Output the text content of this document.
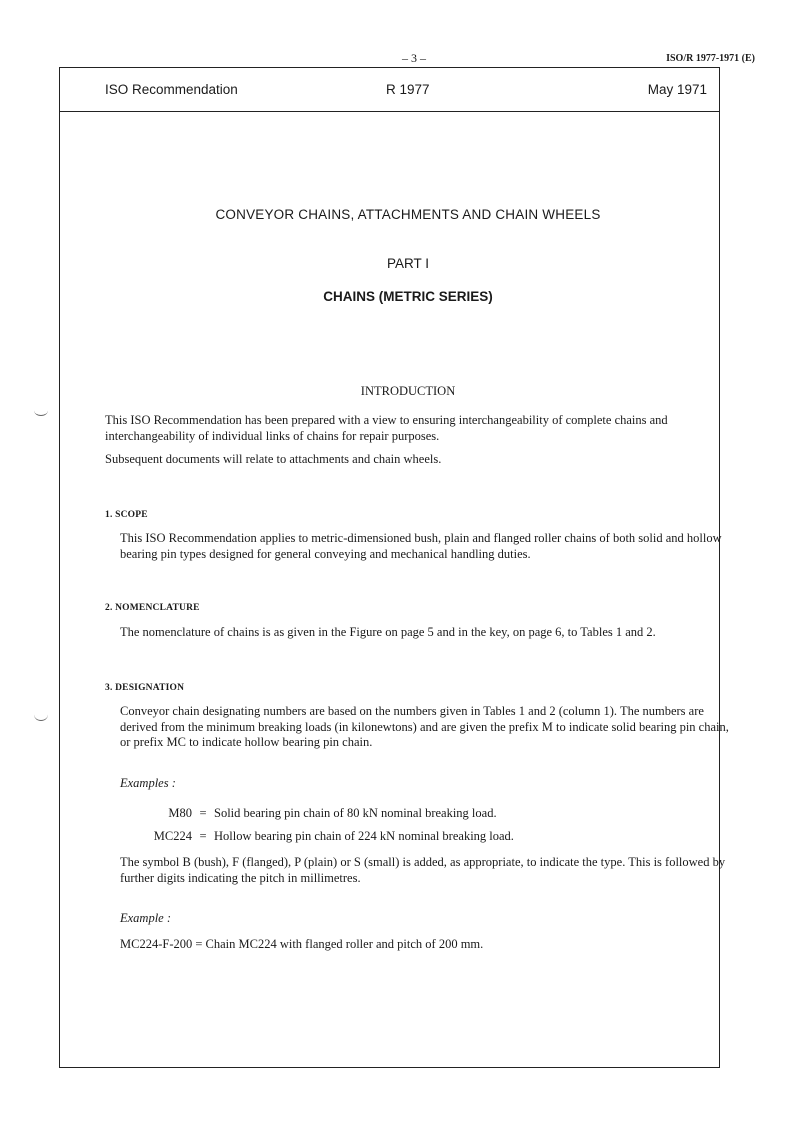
– 3 –	ISO/R 1977-1971 (E)
ISO Recommendation	R 1977	May 1971
CONVEYOR CHAINS, ATTACHMENTS AND CHAIN WHEELS
PART I
CHAINS (METRIC SERIES)
INTRODUCTION
This ISO Recommendation has been prepared with a view to ensuring interchangeability of complete chains and interchangeability of individual links of chains for repair purposes.
Subsequent documents will relate to attachments and chain wheels.
1. SCOPE
This ISO Recommendation applies to metric-dimensioned bush, plain and flanged roller chains of both solid and hollow bearing pin types designed for general conveying and mechanical handling duties.
2. NOMENCLATURE
The nomenclature of chains is as given in the Figure on page 5 and in the key, on page 6, to Tables 1 and 2.
3. DESIGNATION
Conveyor chain designating numbers are based on the numbers given in Tables 1 and 2 (column 1). The numbers are derived from the minimum breaking loads (in kilonewtons) and are given the prefix M to indicate solid bearing pin chain, or prefix MC to indicate hollow bearing pin chain.
Examples :
M80 = Solid bearing pin chain of 80 kN nominal breaking load.
MC224 = Hollow bearing pin chain of 224 kN nominal breaking load.
The symbol B (bush), F (flanged), P (plain) or S (small) is added, as appropriate, to indicate the type. This is followed by further digits indicating the pitch in millimetres.
Example :
MC224-F-200 = Chain MC224 with flanged roller and pitch of 200 mm.
